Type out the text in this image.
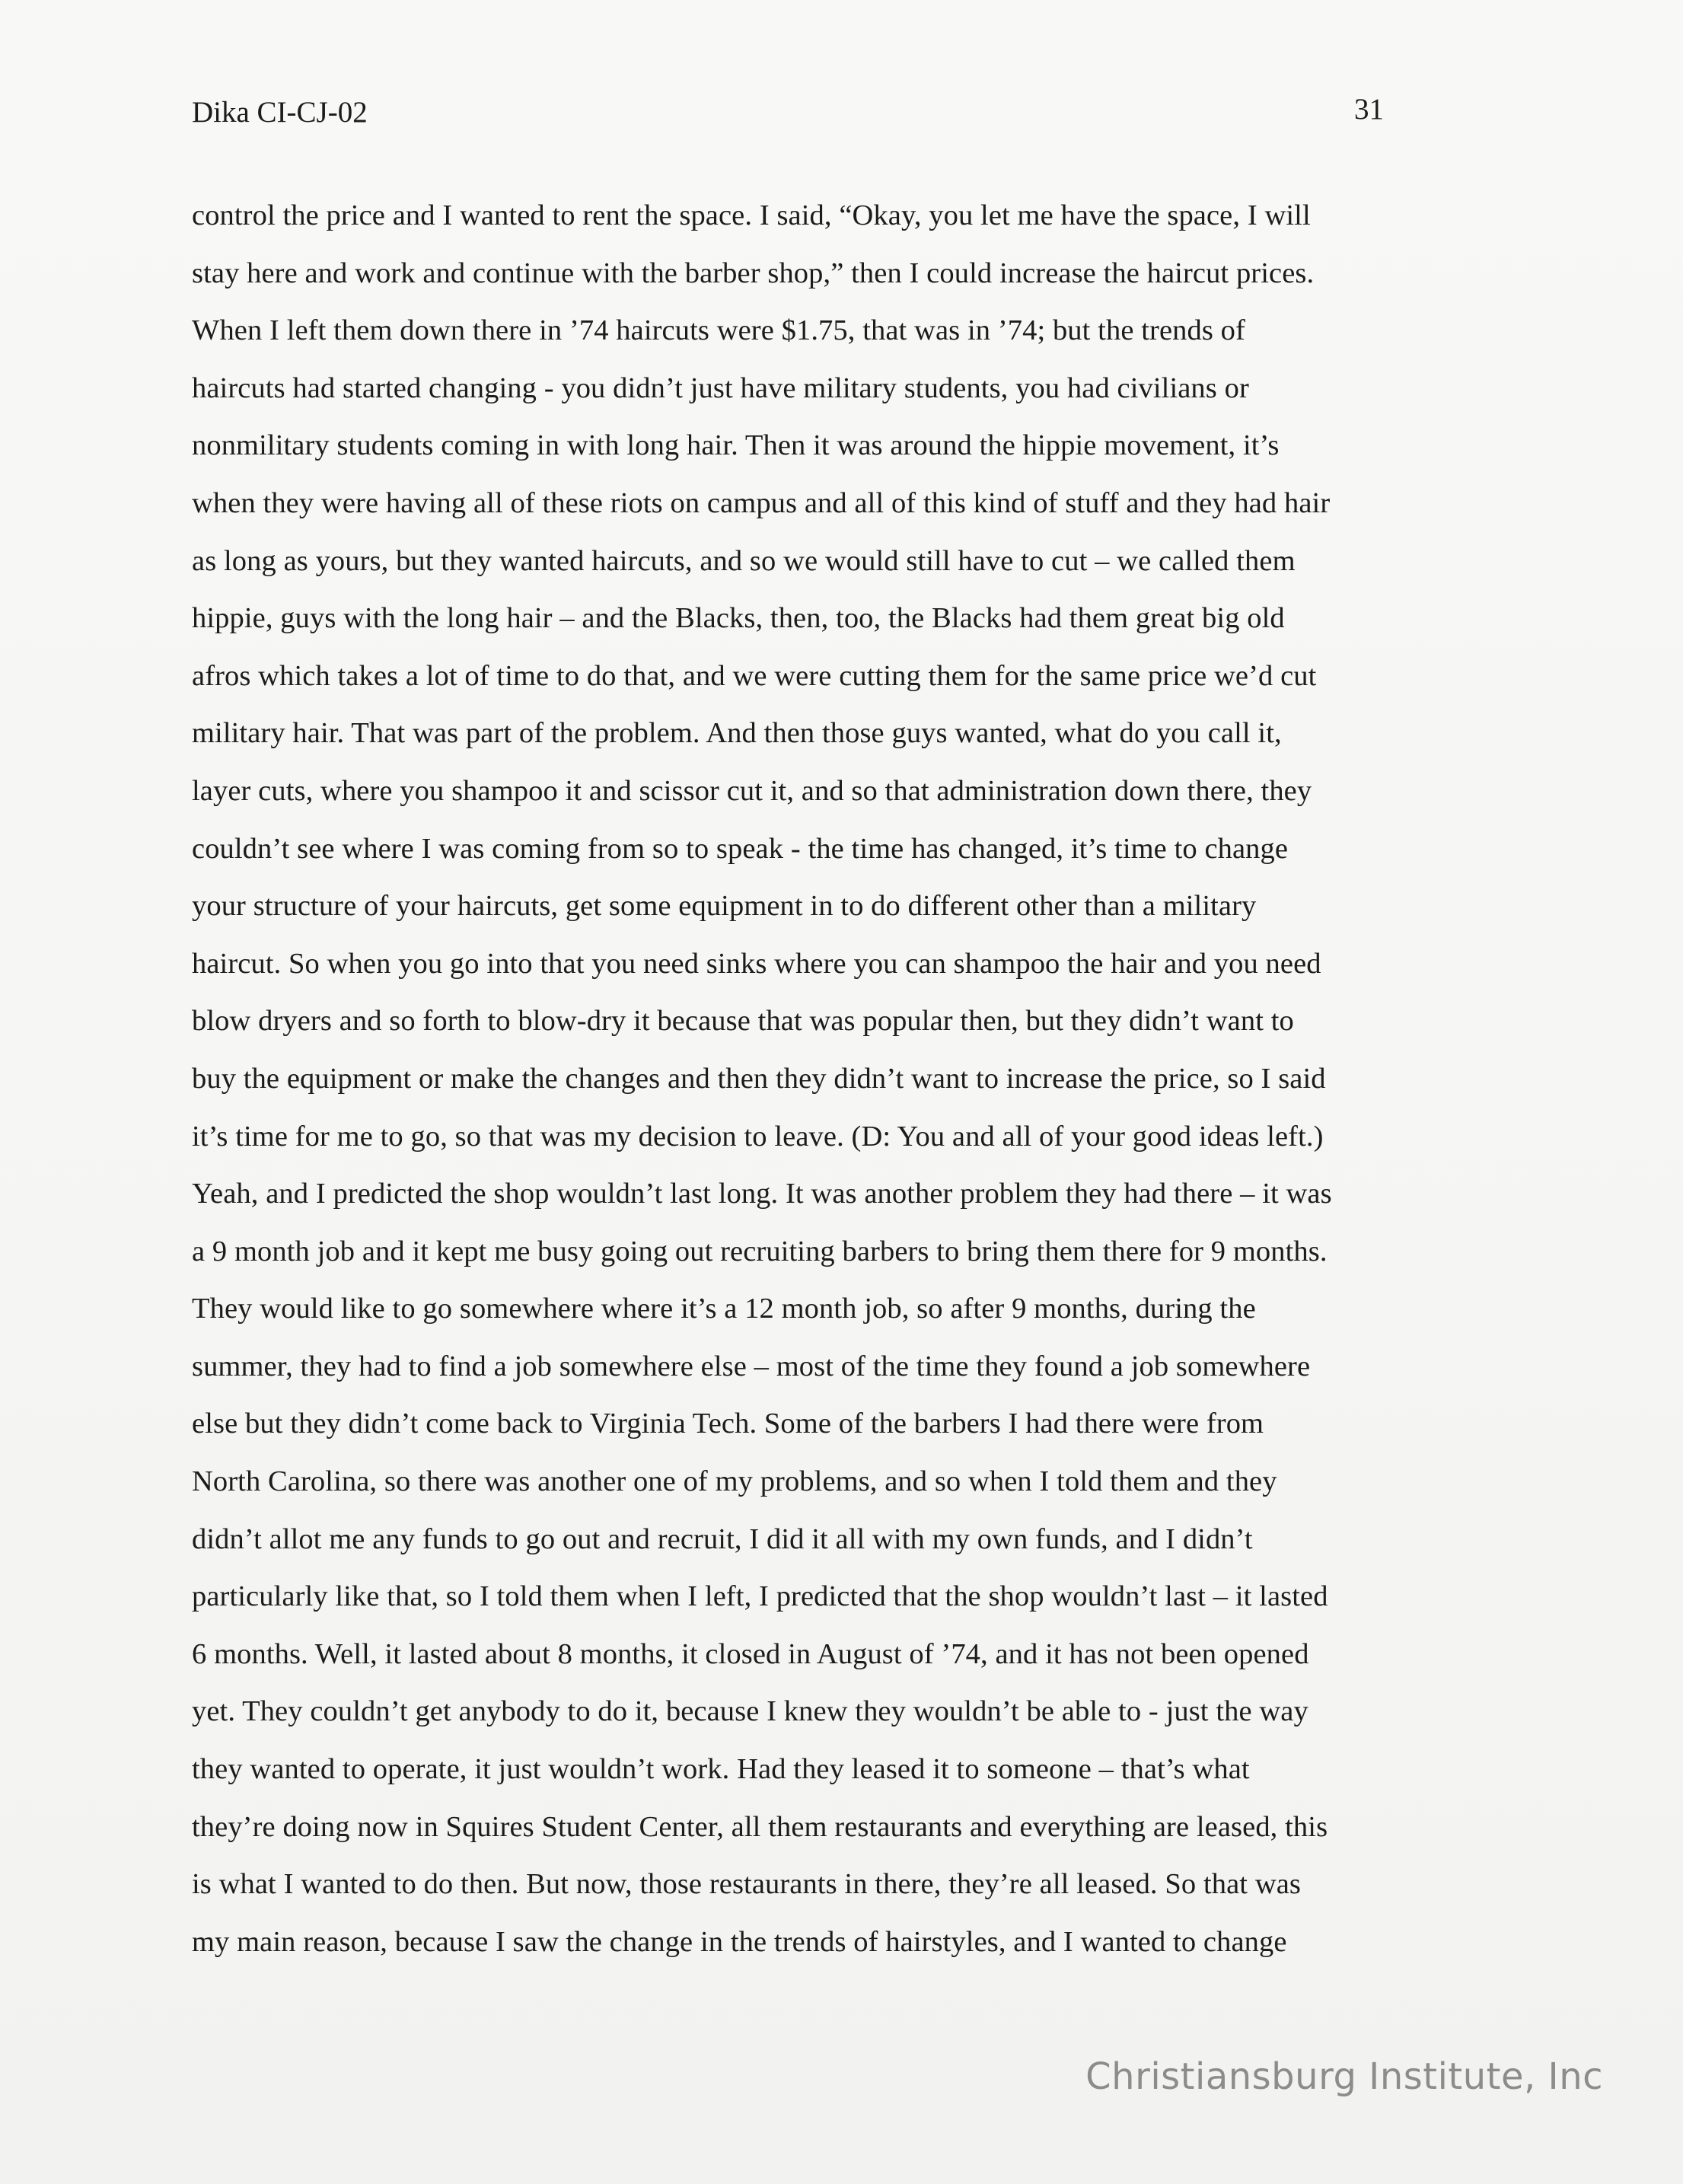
Dika CI-CJ-02	31
control the price and I wanted to rent the space. I said, “Okay, you let me have the space, I will
stay here and work and continue with the barber shop,” then I could increase the haircut prices.
When I left them down there in ’74 haircuts were $1.75, that was in ’74; but the trends of
haircuts had started changing - you didn’t just have military students, you had civilians or
nonmilitary students coming in with long hair. Then it was around the hippie movement, it’s
when they were having all of these riots on campus and all of this kind of stuff and they had hair
as long as yours, but they wanted haircuts, and so we would still have to cut – we called them
hippie, guys with the long hair – and the Blacks, then, too, the Blacks had them great big old
afros which takes a lot of time to do that, and we were cutting them for the same price we’d cut
military hair. That was part of the problem. And then those guys wanted, what do you call it,
layer cuts, where you shampoo it and scissor cut it, and so that administration down there, they
couldn’t see where I was coming from so to speak - the time has changed, it’s time to change
your structure of your haircuts, get some equipment in to do different other than a military
haircut. So when you go into that you need sinks where you can shampoo the hair and you need
blow dryers and so forth to blow-dry it because that was popular then, but they didn’t want to
buy the equipment or make the changes and then they didn’t want to increase the price, so I said
it’s time for me to go, so that was my decision to leave. (D: You and all of your good ideas left.)
Yeah, and I predicted the shop wouldn’t last long. It was another problem they had there – it was
a 9 month job and it kept me busy going out recruiting barbers to bring them there for 9 months.
They would like to go somewhere where it’s a 12 month job, so after 9 months, during the
summer, they had to find a job somewhere else – most of the time they found a job somewhere
else but they didn’t come back to Virginia Tech. Some of the barbers I had there were from
North Carolina, so there was another one of my problems, and so when I told them and they
didn’t allot me any funds to go out and recruit, I did it all with my own funds, and I didn’t
particularly like that, so I told them when I left, I predicted that the shop wouldn’t last – it lasted
6 months. Well, it lasted about 8 months, it closed in August of ’74, and it has not been opened
yet. They couldn’t get anybody to do it, because I knew they wouldn’t be able to - just the way
they wanted to operate, it just wouldn’t work. Had they leased it to someone – that’s what
they’re doing now in Squires Student Center, all them restaurants and everything are leased, this
is what I wanted to do then. But now, those restaurants in there, they’re all leased. So that was
my main reason, because I saw the change in the trends of hairstyles, and I wanted to change
Christiansburg Institute, Inc
